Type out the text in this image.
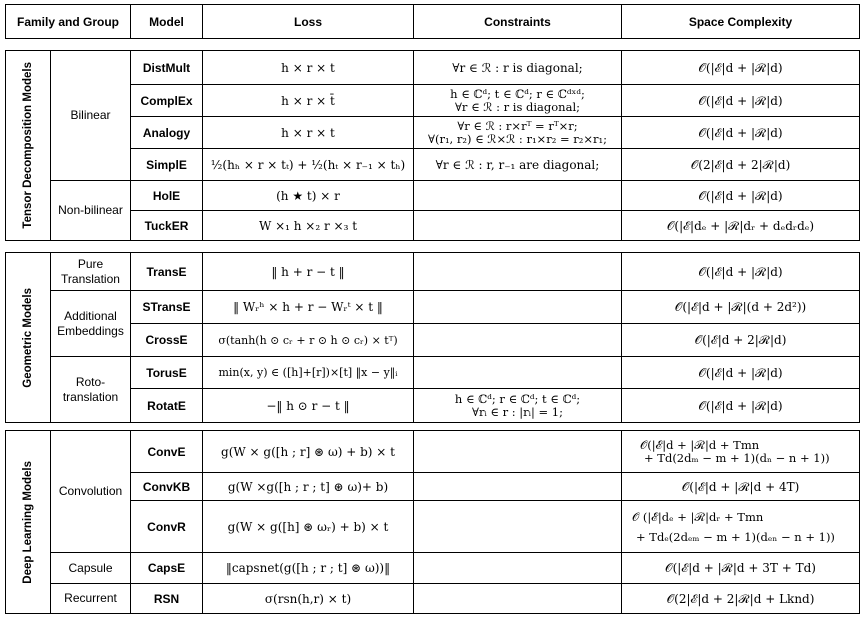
Family and Group	Model	Loss	Constraints	Space Complexity
Tensor Decomposition Models	Bilinear	DistMult	h × r × t	∀r ∈ ℛ : r is diagonal;	𝒪(|ℰ|d + |ℛ|d)
		ComplEx	h × r × t̄	h ∈ ℂᵈ; t ∈ ℂᵈ; r ∈ ℂᵈˣᵈ;
∀r ∈ ℛ : r is diagonal;	𝒪(|ℰ|d + |ℛ|d)
		Analogy	h × r × t	∀r ∈ ℛ : r×rᵀ = rᵀ×r;
∀(r₁, r₂) ∈ ℛ×ℛ : r₁×r₂ = r₂×r₁;	𝒪(|ℰ|d + |ℛ|d)
		SimplE	½(hₕ × r × tₜ) + ½(hₜ × r₋₁ × tₕ)	∀r ∈ ℛ : r, r₋₁ are diagonal;	𝒪(2|ℰ|d + 2|ℛ|d)
	Non-bilinear	HolE	(h ★ t) × r		𝒪(|ℰ|d + |ℛ|d)
		TuckER	W ×₁ h ×₂ r ×₃ t		𝒪(|ℰ|dₑ + |ℛ|dᵣ + dₑdᵣdₑ)
Geometric Models	Pure Translation	TransE	‖ h + r − t ‖		𝒪(|ℰ|d + |ℛ|d)
	Additional Embeddings	STransE	‖ Wᵣʰ × h + r − Wᵣᵗ × t ‖		𝒪(|ℰ|d + |ℛ|(d + 2d²))
		CrossE	σ(tanh(h ⊙ cᵣ + r ⊙ h ⊙ cᵣ) × tᵀ)		𝒪(|ℰ|d + 2|ℛ|d)
	Roto-translation	TorusE	min(x, y) ∈ ([h]+[r])×[t] ‖x − y‖ᵢ		𝒪(|ℰ|d + |ℛ|d)
		RotatE	−‖ h ⊙ r − t ‖	h ∈ ℂᵈ; r ∈ ℂᵈ; t ∈ ℂᵈ;
∀rᵢ ∈ r : |rᵢ| = 1;	𝒪(|ℰ|d + |ℛ|d)
Deep Learning Models	Convolution	ConvE	g(W × g([h ; r] ⊛ ω) + b) × t		𝒪(|ℰ|d + |ℛ|d + Tmn
+ Td(2dₘ − m + 1)(dₙ − n + 1))

		ConvKB	g(W ×g([h ; r ; t] ⊛ ω)+ b)		𝒪(|ℰ|d + |ℛ|d + 4T)
		ConvR	g(W × g([h] ⊛ ωᵣ) + b) × t		𝒪 (|ℰ|dₑ + |ℛ|dᵣ + Tmn
+ Tdₑ(2dₑₘ − m + 1)(dₑₙ − n + 1))

	Capsule	CapsE	‖capsnet(g([h ; r ; t] ⊛ ω))‖		𝒪(|ℰ|d + |ℛ|d + 3T + Td)
	Recurrent	RSN	σ(rsn(h,r) × t)		𝒪(2|ℰ|d + 2|ℛ|d + Lknd)
